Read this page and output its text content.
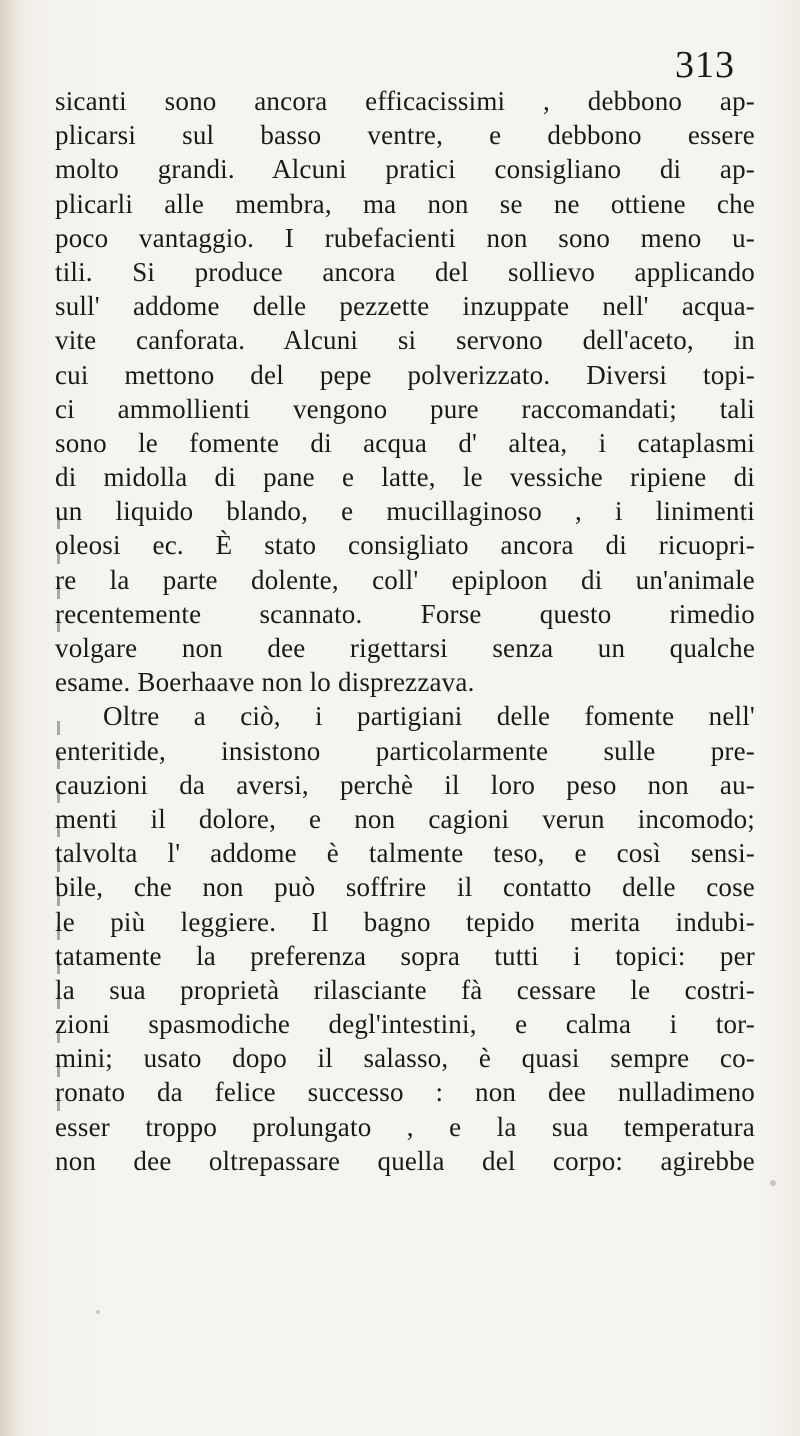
313
sicanti sono ancora efficacissimi , debbono ap-
plicarsi sul basso ventre, e debbono essere
molto grandi. Alcuni pratici consigliano di ap-
plicarli alle membra, ma non se ne ottiene che
poco vantaggio. I rubefacienti non sono meno u-
tili. Si produce ancora del sollievo applicando
sull' addome delle pezzette inzuppate nell' acqua-
vite canforata. Alcuni si servono dell'aceto, in
cui mettono del pepe polverizzato. Diversi topi-
ci ammollienti vengono pure raccomandati; tali
sono le fomente di acqua d' altea, i cataplasmi
di midolla di pane e latte, le vessiche ripiene di
un liquido blando, e mucillaginoso , i linimenti
oleosi ec. È stato consigliato ancora di ricuopri-
re la parte dolente, coll' epiploon di un'animale
recentemente scannato. Forse questo rimedio
volgare non dee rigettarsi senza un qualche
esame. Boerhaave non lo disprezzava.
Oltre a ciò, i partigiani delle fomente nell'
enteritide, insistono particolarmente sulle pre-
cauzioni da aversi, perchè il loro peso non au-
menti il dolore, e non cagioni verun incomodo;
talvolta l' addome è talmente teso, e così sensi-
bile, che non può soffrire il contatto delle cose
le più leggiere. Il bagno tepido merita indubi-
tatamente la preferenza sopra tutti i topici: per
la sua proprietà rilasciante fà cessare le costri-
zioni spasmodiche degl'intestini, e calma i tor-
mini; usato dopo il salasso, è quasi sempre co-
ronato da felice successo : non dee nulladimeno
esser troppo prolungato , e la sua temperatura
non dee oltrepassare quella del corpo: agirebbe
